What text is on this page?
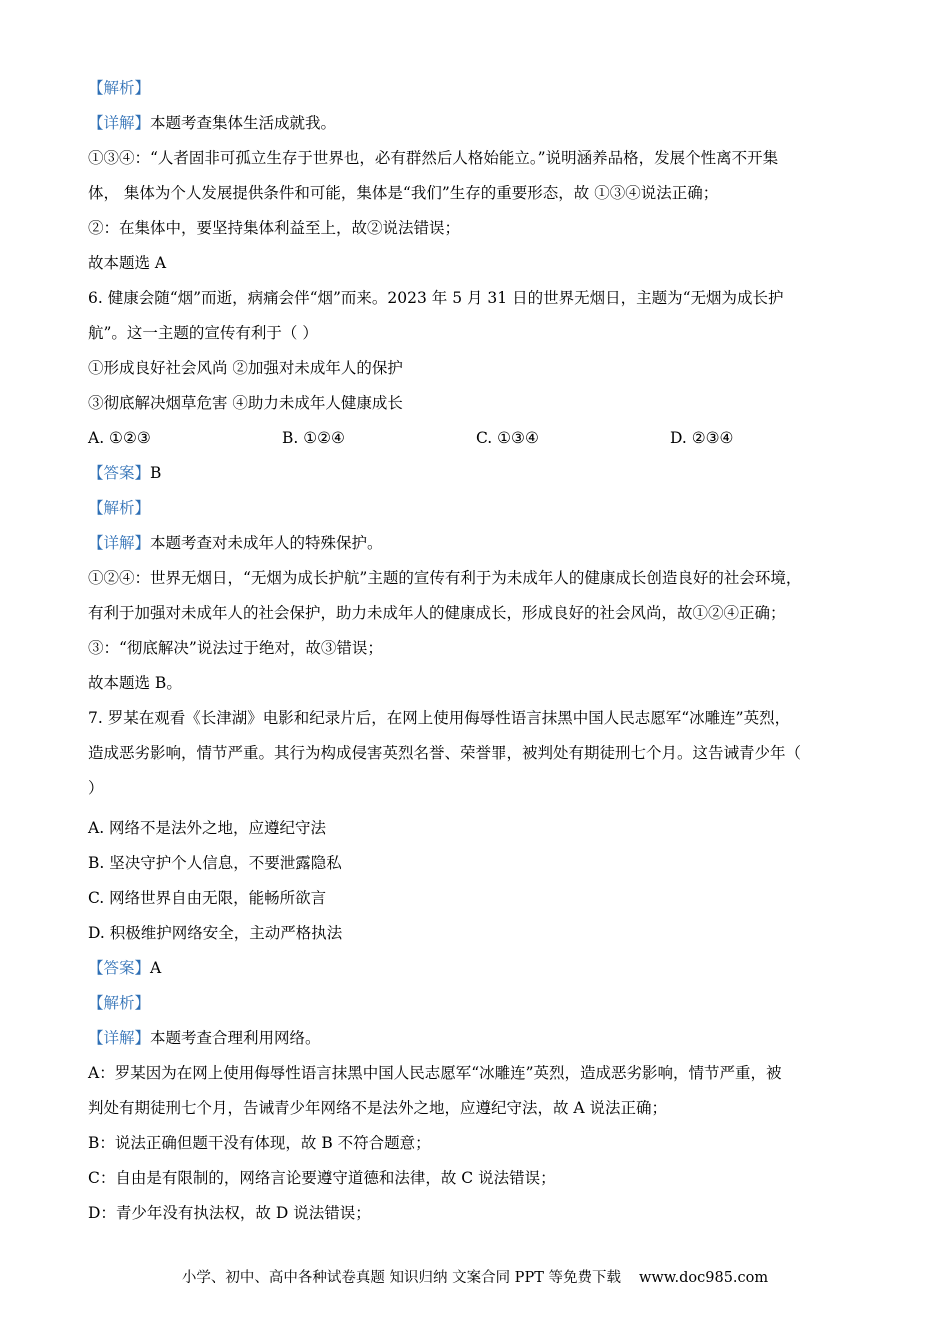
【解析】
【详解】本题考查集体生活成就我。
①③④：“人者固非可孤立生存于世界也，必有群然后人格始能立。”说明涵养品格，发展个性离不开集
体， 集体为个人发展提供条件和可能，集体是“我们”生存的重要形态，故 ①③④说法正确；
②：在集体中，要坚持集体利益至上，故②说法错误；
故本题选 A
6. 健康会随“烟”而逝，病痛会伴“烟”而来。2023 年 5 月 31 日的世界无烟日，主题为“无烟为成长护
航”。这一主题的宣传有利于（ ）
①形成良好社会风尚 ②加强对未成年人的保护
③彻底解决烟草危害 ④助力未成年人健康成长
【答案】B
【解析】
【详解】本题考查对未成年人的特殊保护。
①②④：世界无烟日，“无烟为成长护航”主题的宣传有利于为未成年人的健康成长创造良好的社会环境，
有利于加强对未成年人的社会保护，助力未成年人的健康成长，形成良好的社会风尚，故①②④正确；
③：“彻底解决”说法过于绝对，故③错误；
故本题选 B。
7. 罗某在观看《长津湖》电影和纪录片后，在网上使用侮辱性语言抹黑中国人民志愿军“冰雕连”英烈，
造成恶劣影响，情节严重。其行为构成侵害英烈名誉、荣誉罪，被判处有期徒刑七个月。这告诫青少年（
）
A. 网络不是法外之地，应遵纪守法
B. 坚决守护个人信息，不要泄露隐私
C. 网络世界自由无限，能畅所欲言
D. 积极维护网络安全，主动严格执法
【答案】A
【解析】
【详解】本题考查合理利用网络。
A：罗某因为在网上使用侮辱性语言抹黑中国人民志愿军“冰雕连”英烈，造成恶劣影响，情节严重，被
判处有期徒刑七个月，告诫青少年网络不是法外之地，应遵纪守法，故 A 说法正确；
B：说法正确但题干没有体现，故 B 不符合题意；
C：自由是有限制的，网络言论要遵守道德和法律，故 C 说法错误；
D：青少年没有执法权，故 D 说法错误；
A. ①②③	B. ①②④	C. ①③④	D. ②③④
小学、初中、高中各种试卷真题 知识归纳 文案合同 PPT 等免费下载 www.doc985.com
